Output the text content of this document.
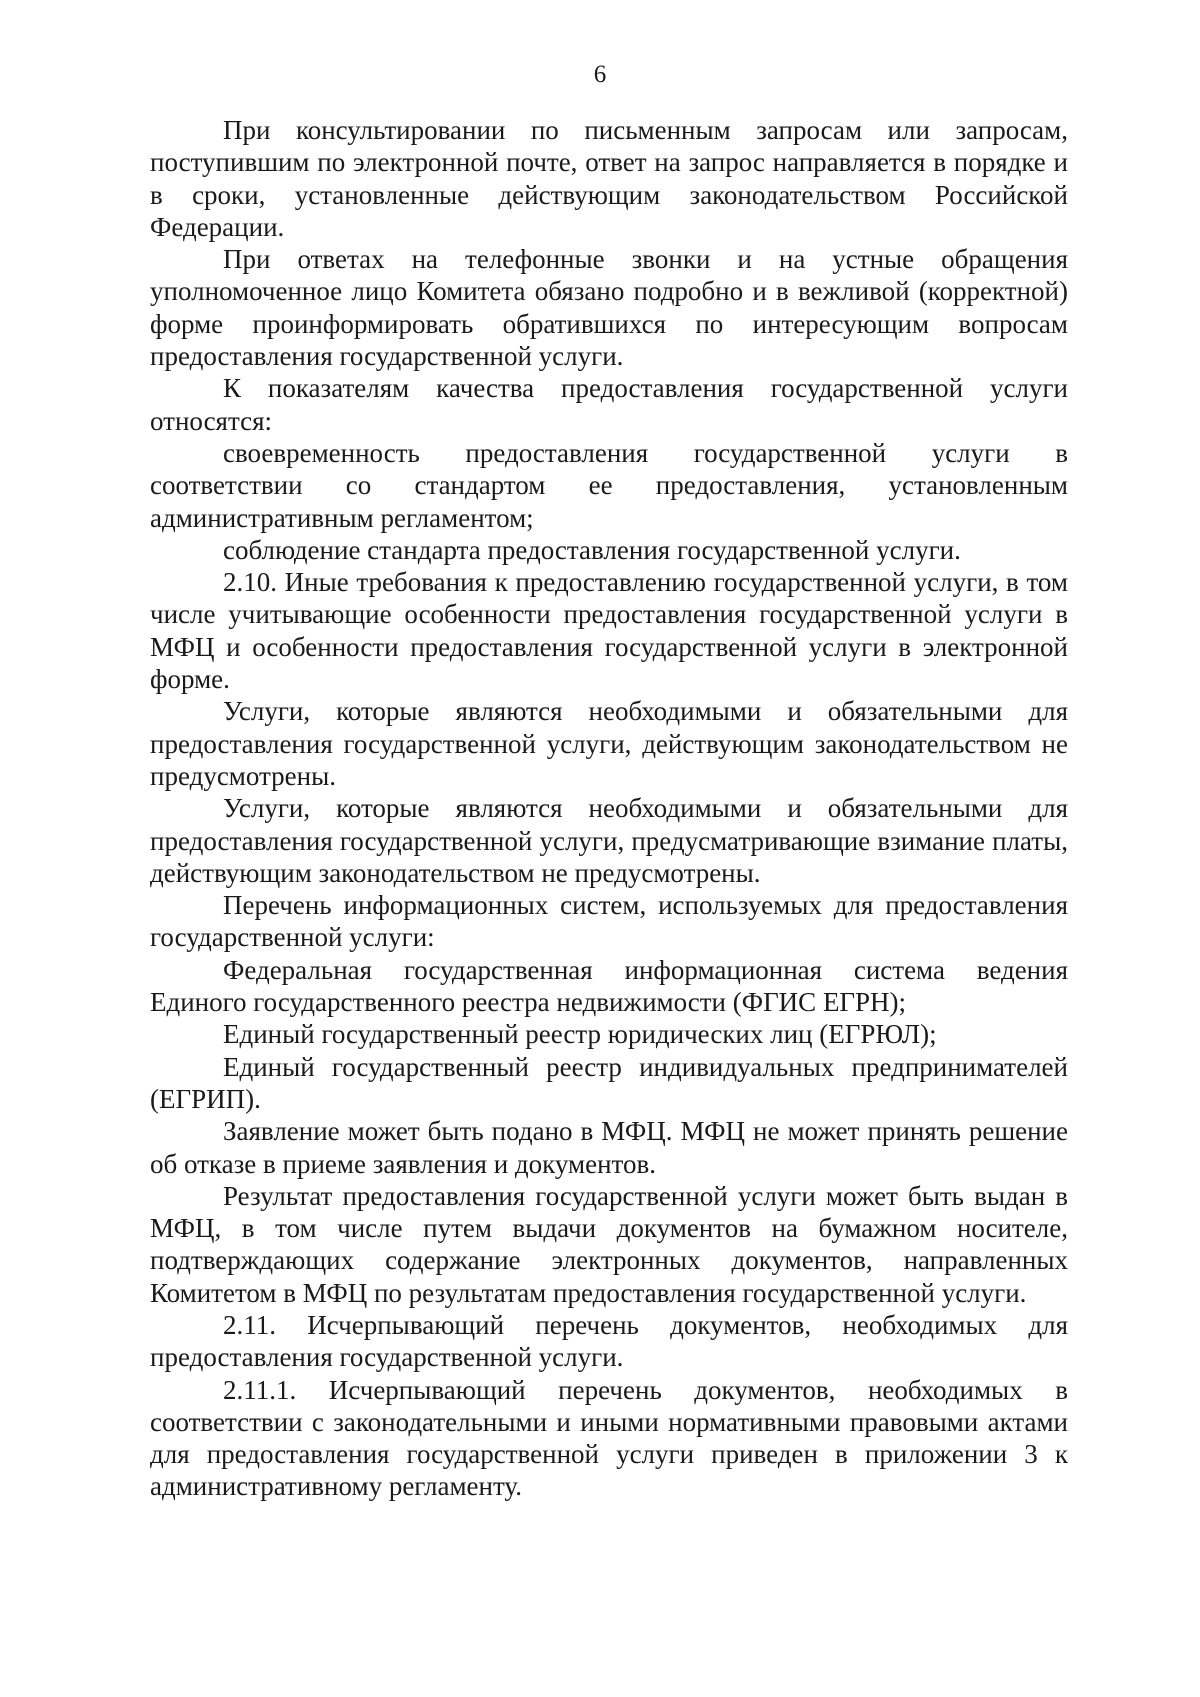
6

При консультировании по письменным запросам или запросам, поступившим по электронной почте, ответ на запрос направляется в порядке и в сроки, установленные действующим законодательством Российской Федерации.

При ответах на телефонные звонки и на устные обращения уполномоченное лицо Комитета обязано подробно и в вежливой (корректной) форме проинформировать обратившихся по интересующим вопросам предоставления государственной услуги.

К показателям качества предоставления государственной услуги относятся:

своевременность предоставления государственной услуги в соответствии со стандартом ее предоставления, установленным административным регламентом;

соблюдение стандарта предоставления государственной услуги.

2.10. Иные требования к предоставлению государственной услуги, в том числе учитывающие особенности предоставления государственной услуги в МФЦ и особенности предоставления государственной услуги в электронной форме.

Услуги, которые являются необходимыми и обязательными для предоставления государственной услуги, действующим законодательством не предусмотрены.

Услуги, которые являются необходимыми и обязательными для предоставления государственной услуги, предусматривающие взимание платы, действующим законодательством не предусмотрены.

Перечень информационных систем, используемых для предоставления государственной услуги:

Федеральная государственная информационная система ведения Единого государственного реестра недвижимости (ФГИС ЕГРН);

Единый государственный реестр юридических лиц (ЕГРЮЛ);

Единый государственный реестр индивидуальных предпринимателей (ЕГРИП).

Заявление может быть подано в МФЦ. МФЦ не может принять решение об отказе в приеме заявления и документов.

Результат предоставления государственной услуги может быть выдан в МФЦ, в том числе путем выдачи документов на бумажном носителе, подтверждающих содержание электронных документов, направленных Комитетом в МФЦ по результатам предоставления государственной услуги.

2.11. Исчерпывающий перечень документов, необходимых для предоставления государственной услуги.

2.11.1. Исчерпывающий перечень документов, необходимых в соответствии с законодательными и иными нормативными правовыми актами для предоставления государственной услуги приведен в приложении 3 к административному регламенту.
